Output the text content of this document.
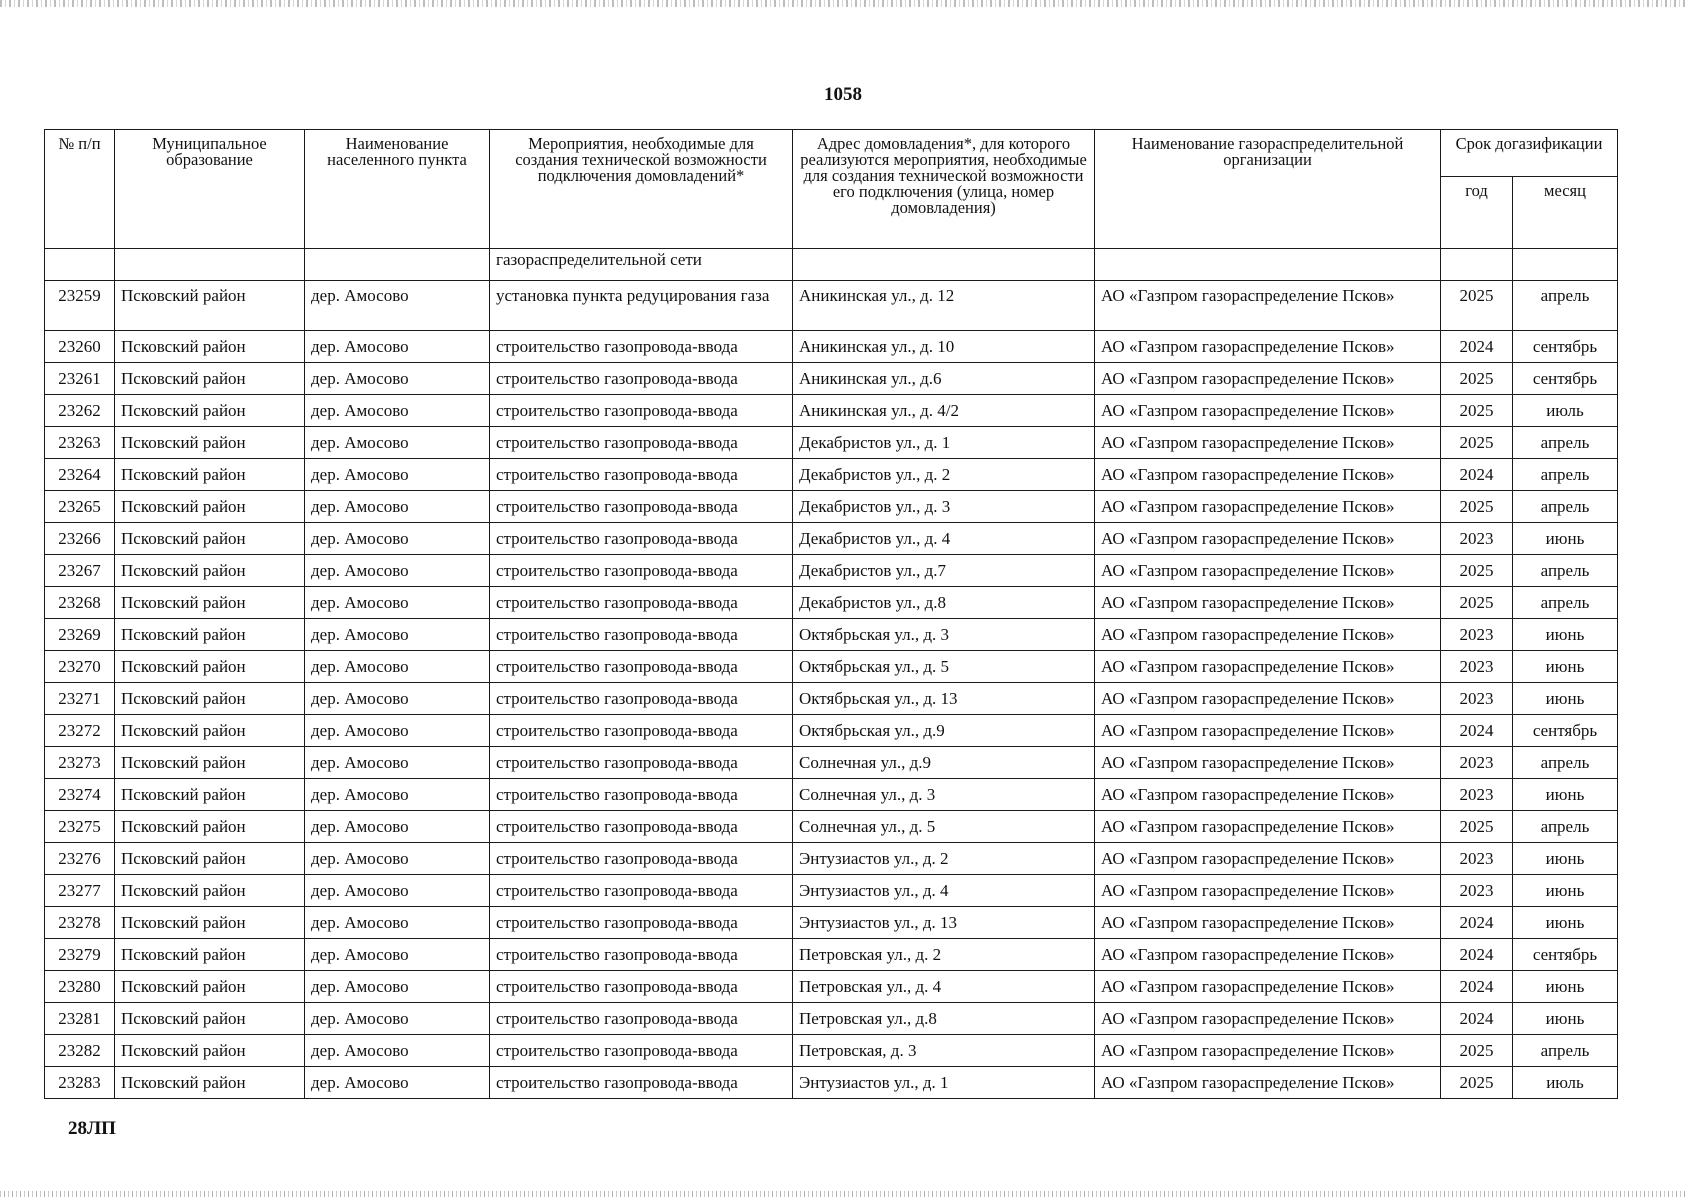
1058
№ п/п	Муниципальное образование	Наименование населенного пункта	Мероприятия, необходимые для создания технической возможности подключения домовладений*	Адрес домовладения*, для которого реализуются мероприятия, необходимые для создания технической возможности его подключения (улица, номер домовладения)	Наименование газораспределительной организации	Срок догазификации	
						год	месяц
			газораспределительной сети				
23259	Псковский район	дер. Амосово	установка пункта редуцирования газа	Аникинская ул., д. 12	АО «Газпром газораспределение Псков»	2025	апрель
23260	Псковский район	дер. Амосово	строительство газопровода-ввода	Аникинская ул., д. 10	АО «Газпром газораспределение Псков»	2024	сентябрь
23261	Псковский район	дер. Амосово	строительство газопровода-ввода	Аникинская ул., д.6	АО «Газпром газораспределение Псков»	2025	сентябрь
23262	Псковский район	дер. Амосово	строительство газопровода-ввода	Аникинская ул., д. 4/2	АО «Газпром газораспределение Псков»	2025	июль
23263	Псковский район	дер. Амосово	строительство газопровода-ввода	Декабристов ул., д. 1	АО «Газпром газораспределение Псков»	2025	апрель
23264	Псковский район	дер. Амосово	строительство газопровода-ввода	Декабристов ул., д. 2	АО «Газпром газораспределение Псков»	2024	апрель
23265	Псковский район	дер. Амосово	строительство газопровода-ввода	Декабристов ул., д. 3	АО «Газпром газораспределение Псков»	2025	апрель
23266	Псковский район	дер. Амосово	строительство газопровода-ввода	Декабристов ул., д. 4	АО «Газпром газораспределение Псков»	2023	июнь
23267	Псковский район	дер. Амосово	строительство газопровода-ввода	Декабристов ул., д.7	АО «Газпром газораспределение Псков»	2025	апрель
23268	Псковский район	дер. Амосово	строительство газопровода-ввода	Декабристов ул., д.8	АО «Газпром газораспределение Псков»	2025	апрель
23269	Псковский район	дер. Амосово	строительство газопровода-ввода	Октябрьская ул., д. 3	АО «Газпром газораспределение Псков»	2023	июнь
23270	Псковский район	дер. Амосово	строительство газопровода-ввода	Октябрьская ул., д. 5	АО «Газпром газораспределение Псков»	2023	июнь
23271	Псковский район	дер. Амосово	строительство газопровода-ввода	Октябрьская ул., д. 13	АО «Газпром газораспределение Псков»	2023	июнь
23272	Псковский район	дер. Амосово	строительство газопровода-ввода	Октябрьская ул., д.9	АО «Газпром газораспределение Псков»	2024	сентябрь
23273	Псковский район	дер. Амосово	строительство газопровода-ввода	Солнечная ул., д.9	АО «Газпром газораспределение Псков»	2023	апрель
23274	Псковский район	дер. Амосово	строительство газопровода-ввода	Солнечная ул., д. 3	АО «Газпром газораспределение Псков»	2023	июнь
23275	Псковский район	дер. Амосово	строительство газопровода-ввода	Солнечная ул., д. 5	АО «Газпром газораспределение Псков»	2025	апрель
23276	Псковский район	дер. Амосово	строительство газопровода-ввода	Энтузиастов ул., д. 2	АО «Газпром газораспределение Псков»	2023	июнь
23277	Псковский район	дер. Амосово	строительство газопровода-ввода	Энтузиастов ул., д. 4	АО «Газпром газораспределение Псков»	2023	июнь
23278	Псковский район	дер. Амосово	строительство газопровода-ввода	Энтузиастов ул., д. 13	АО «Газпром газораспределение Псков»	2024	июнь
23279	Псковский район	дер. Амосово	строительство газопровода-ввода	Петровская ул., д. 2	АО «Газпром газораспределение Псков»	2024	сентябрь
23280	Псковский район	дер. Амосово	строительство газопровода-ввода	Петровская ул., д. 4	АО «Газпром газораспределение Псков»	2024	июнь
23281	Псковский район	дер. Амосово	строительство газопровода-ввода	Петровская ул., д.8	АО «Газпром газораспределение Псков»	2024	июнь
23282	Псковский район	дер. Амосово	строительство газопровода-ввода	Петровская, д. 3	АО «Газпром газораспределение Псков»	2025	апрель
23283	Псковский район	дер. Амосово	строительство газопровода-ввода	Энтузиастов ул., д. 1	АО «Газпром газораспределение Псков»	2025	июль
28ЛП
